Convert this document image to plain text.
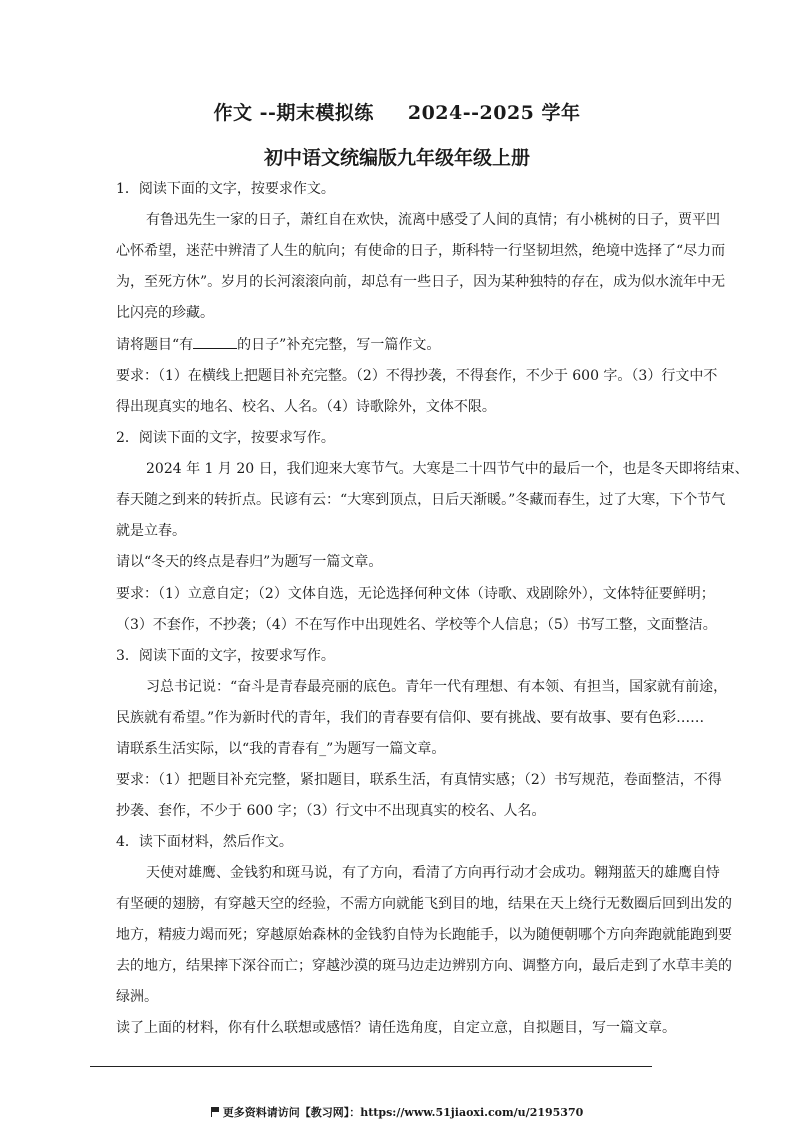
作文 --期末模拟练 2024--2025 学年
初中语文统编版九年级年级上册
1．阅读下面的文字，按要求作文。
有鲁迅先生一家的日子，萧红自在欢快，流离中感受了人间的真情；有小桃树的日子，贾平凹
心怀希望，迷茫中辨清了人生的航向；有使命的日子，斯科特一行坚韧坦然，绝境中选择了“尽力而
为，至死方休”。岁月的长河滚滚向前，却总有一些日子，因为某种独特的存在，成为似水流年中无
比闪亮的珍藏。
请将题目“有	的日子”补充完整，写一篇作文。
要求：（1）在横线上把题目补充完整。（2）不得抄袭，不得套作，不少于 600 字。（3）行文中不
得出现真实的地名、校名、人名。（4）诗歌除外，文体不限。
2．阅读下面的文字，按要求写作。
2024 年 1 月 20 日，我们迎来大寒节气。大寒是二十四节气中的最后一个，也是冬天即将结束、
春天随之到来的转折点。民谚有云：“大寒到顶点，日后天渐暖。”冬藏而春生，过了大寒，下个节气
就是立春。
请以“冬天的终点是春归”为题写一篇文章。
要求：（1）立意自定；（2）文体自选，无论选择何种文体（诗歌、戏剧除外），文体特征要鲜明；
（3）不套作，不抄袭；（4）不在写作中出现姓名、学校等个人信息；（5）书写工整，文面整洁。
3．阅读下面的文字，按要求写作。
习总书记说：“奋斗是青春最亮丽的底色。青年一代有理想、有本领、有担当，国家就有前途，
民族就有希望。”作为新时代的青年，我们的青春要有信仰、要有挑战、要有故事、要有色彩……
请联系生活实际，以“我的青春有_”为题写一篇文章。
要求：（1）把题目补充完整，紧扣题目，联系生活，有真情实感；（2）书写规范，卷面整洁，不得
抄袭、套作，不少于 600 字；（3）行文中不出现真实的校名、人名。
4．读下面材料，然后作文。
天使对雄鹰、金钱豹和斑马说，有了方向，看清了方向再行动才会成功。翱翔蓝天的雄鹰自恃
有坚硬的翅膀，有穿越天空的经验，不需方向就能飞到目的地，结果在天上绕行无数圈后回到出发的
地方，精疲力竭而死；穿越原始森林的金钱豹自恃为长跑能手，以为随便朝哪个方向奔跑就能跑到要
去的地方，结果摔下深谷而亡；穿越沙漠的斑马边走边辨别方向、调整方向，最后走到了水草丰美的
绿洲。
读了上面的材料，你有什么联想或感悟？请任选角度，自定立意，自拟题目，写一篇文章。
更多资料请访问【教习网】：https://www.51jiaoxi.com/u/2195370
